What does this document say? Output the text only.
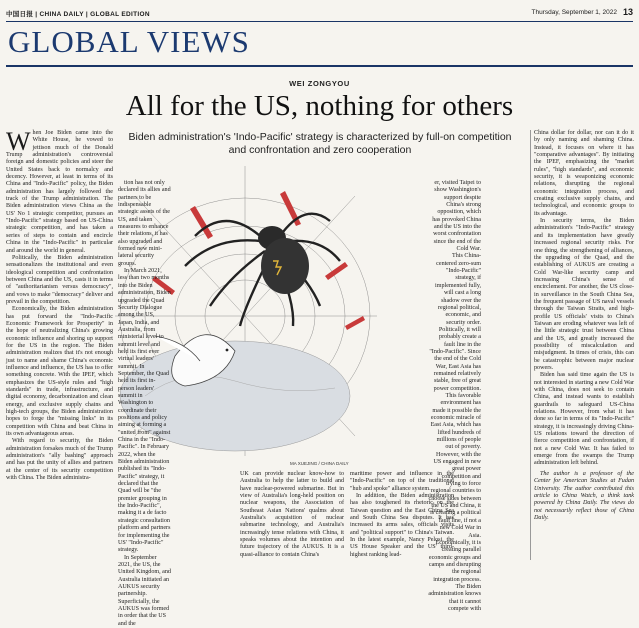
中国日报 | CHINA DAILY | GLOBAL EDITION	Thursday, September 1, 2022 13
GLOBAL VIEWS
WEI ZONGYOU
All for the US, nothing for others
Biden administration's 'Indo-Pacific' strategy is characterized by full-on competition and confrontation and zero cooperation

When Joe Biden came into the White House, he vowed to jettison much of the Donald Trump administration's controversial foreign and domestic policies and steer the United States back to normalcy and decency. However, at least in terms of its China and "Indo-Pacific" policy, the Biden administration has largely followed the track of the Trump administration. The Biden administration views China as the US' No 1 strategic competitor, pursues an "Indo-Pacific" strategy based on US-China strategic competition, and has taken a series of steps to contain and encircle China in the "Indo-Pacific" in particular and around the world in general.

Politically, the Biden administration sensationalizes the institutional and even ideological competition and confrontation between China and the US, casts it in terms of "authoritarianism versus democracy", and vows to make "democracy" deliver and prevail in the competition.

Economically, the Biden administration has put forward the "Indo-Pacific Economic Framework for Prosperity" in the hope of neutralizing China's growing economic influence and shoring up support for the US in the region. The Biden administration realizes that it's not enough just to name and shame China's economic influence and influence, the US has to offer something concrete. With the IPEF, which emphasizes the US-style rules and "high standards" in trade, infrastructure, and digital economy, decarbonization and clean energy, and exclusive supply chains and high-tech groups, the Biden administration hopes to forge the "missing links" in its competition with China and beat China in its own advantageous areas.

With regard to security, the Biden administration forsakes much of the Trump administration's "ally bashing" approach and has put the unity of allies and partners at the center of its security competition with China. The Biden administra-

MA XUEJING / CHINA DAILY

tion has not only declared its allies and partners to be indispensable strategic assets of the US, and taken measures to enhance their relations, it has also upgraded and formed new mini-lateral security groups.

In March 2021, less than two months into the Biden administration, Biden upgraded the Quad Security Dialogue among the US, Japan, India, and Australia, from ministerial level to summit level and held its first ever virtual leaders' summit. In September, the Quad held its first in-person leaders' summit in Washington to coordinate their positions and policy aiming at forming a "united front" against China in the "Indo-Pacific". In February 2022, when the Biden administration published its "Indo-Pacific" strategy, it declared that the Quad will be "the premier grouping in the Indo-Pacific", making it a de facto strategic consultation platform and partners for implementing the US' "Indo-Pacific" strategy.

In September 2021, the US, the United Kingdom, and Australia initiated an AUKUS security partnership. Superficially, the AUKUS was formed in order that the US and the

er, visited Taipei to show Washington's support despite China's strong opposition, which has provoked China and the US into the worst confrontation since the end of the Cold War.

This China-centered zero-sum "Indo-Pacific" strategy, if implemented fully, will cast a long shadow over the regional political, economic, and security order.

Politically, it will probably create a fault line in the "Indo-Pacific". Since the end of the Cold War, East Asia has remained relatively stable, free of great power competition. This favorable environment has made it possible the economic miracle of East Asia, which has lifted hundreds of millions of people out of poverty. However, with the US engaged in new great power competition and trying to force regional countries to choose sides between the US and China, it is creating a political fault line, if not a new Cold War in Asia.

Economically, it is creating parallel economic groups and camps and disrupting the regional integration process. The Biden administration knows that it cannot compete with

UK can provide nuclear know-how to Australia to help the latter to build and have nuclear-powered submarine. But in view of Australia's long-held position on nuclear weapons, the Association of Southeast Asian Nations' qualms about Australia's acquisition of nuclear submarine technology, and Australia's increasingly tense relations with China, it speaks volumes about the intention and future trajectory of the AUKUS. It is a quasi-alliance to contain China's

maritime power and influence in the "Indo-Pacific" on top of the traditional "hub and spoke" alliance system.

In addition, the Biden administration has also toughened its rhetoric on the Taiwan question and the East China Sea and South China Sea disputes. It has increased its arms sales, officials visits and "political support" to China's Taiwan. In the latest example, Nancy Pelosi, the US House Speaker and the US' third-highest ranking lead-

China dollar for dollar, nor can it do it by only naming and shaming China. Instead, it focuses on where it has "comparative advantages". By initiating the IPEF, emphasizing the "market rules", "high standards", and economic security, it is weaponizing economic relations, disrupting the regional economic integration process, and creating exclusive supply chains, and technological, and economic groups to its advantage.

In security terms, the Biden administration's "Indo-Pacific" strategy and its implementation have greatly increased regional security risks. For one thing, the strengthening of alliances, the upgrading of the Quad, and the establishing of AUKUS are creating a Cold War-like security camp and increasing China's sense of encirclement. For another, the US close-in surveillance in the South China Sea, the frequent passage of US naval vessels through the Taiwan Straits, and high-profile US officials' visits to China's Taiwan are eroding whatever was left of the little strategic trust between China and the US, and greatly increased the possibility of miscalculation and misjudgment. In times of crisis, this can be catastrophic between major nuclear powers.

Biden has said time again the US is not interested in starting a new Cold War with China, does not seek to contain China, and instead wants to establish guardrails to safeguard US-China relations. However, from what it has done so far in terms of its "Indo-Pacific" strategy, it is increasingly driving China-US relations toward the direction of fierce competition and confrontation, if not a new Cold War. It has failed to emerge from the swamps the Trump administration left behind.

The author is a professor of the Center for American Studies at Fudan University. The author contributed this article to China Watch, a think tank powered by China Daily. The views do not necessarily reflect those of China Daily.
